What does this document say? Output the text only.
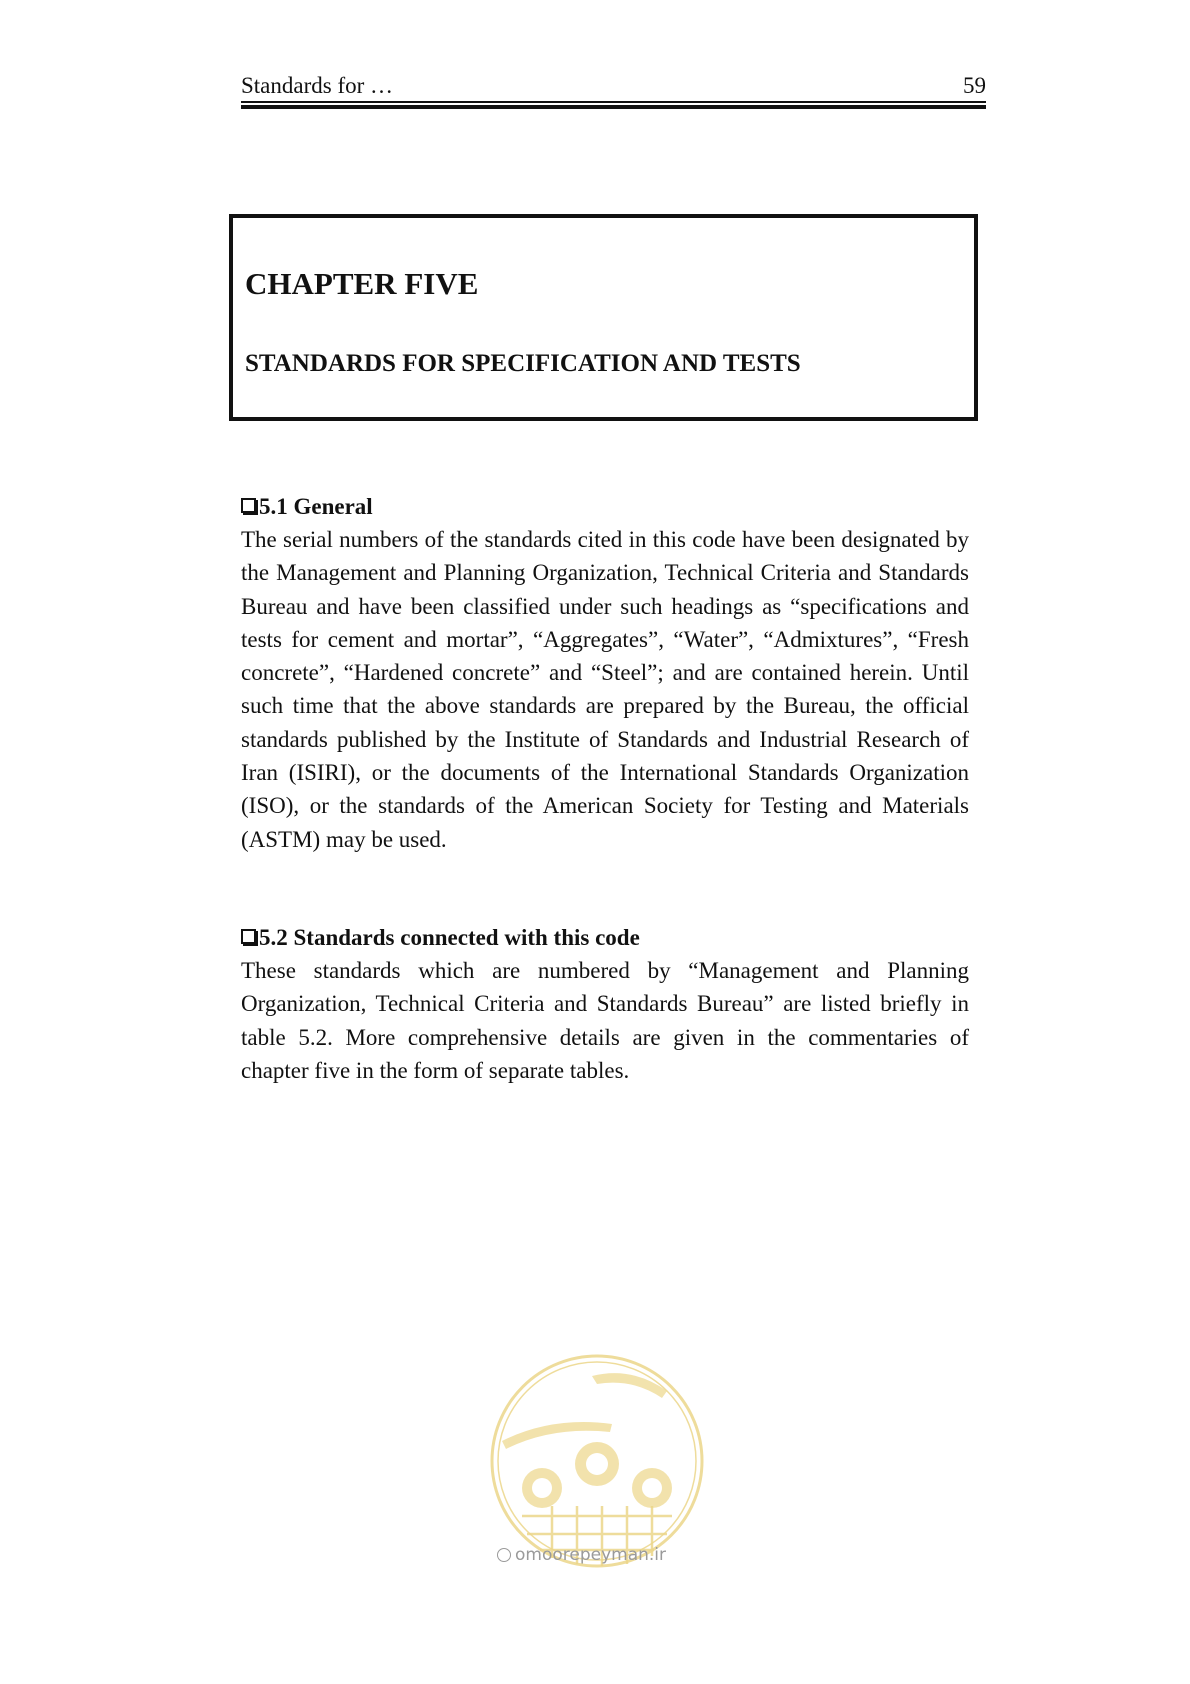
Standards for …	59
CHAPTER FIVE
STANDARDS FOR SPECIFICATION AND TESTS
5.1 General

The serial numbers of the standards cited in this code have been designated by the Management and Planning Organization, Technical Criteria and Standards Bureau and have been classified under such headings as “specifications and tests for cement and mortar”, “Aggregates”, “Water”, “Admixtures”, “Fresh concrete”, “Hardened concrete” and “Steel”; and are contained herein. Until such time that the above standards are prepared by the Bureau, the official standards published by the Institute of Standards and Industrial Research of Iran (ISIRI), or the documents of the International Standards Organization (ISO), or the standards of the American Society for Testing and Materials (ASTM) may be used.

5.2 Standards connected with this code

These standards which are numbered by “Management and Planning Organization, Technical Criteria and Standards Bureau” are listed briefly in table 5.2. More comprehensive details are given in the commentaries of chapter five in the form of separate tables.

omoorepeyman.ir
